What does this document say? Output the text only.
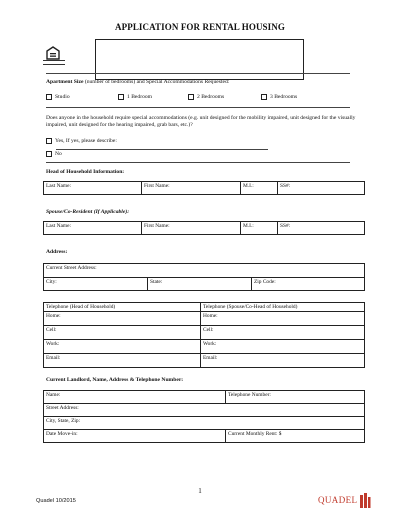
APPLICATION FOR RENTAL HOUSING
Apartment Size (number of bedrooms) and Special Accommodations Requested:
Studio	1 Bedroom	2 Bedrooms	3 Bedrooms
Does anyone in the household require special accommodations (e.g. unit designed for the mobility impaired, unit designed for the visually impaired, unit designed for the hearing impaired, grab bars, etc.)?
Yes, If yes, please describe:
No
Head of Household Information:
Last Name:	First Name:	M.I.:	SS#:
Spouse/Co-Resident (If Applicable):
Last Name:	First Name:	M.I.:	SS#:
Address:
Current Street Address:
City:	State:	Zip Code:
Telephone (Head of Household)	Telephone (Spouse/Co-Head of Household)
Home:	Home:
Cell:	Cell:
Work:	Work:
Email:	Email:
Current Landlord, Name, Address & Telephone Number:
Name:	Telephone Number:
Street Address:	
City, State, Zip:	
Date Move-in:	Current Monthly Rent: $
1
Quadel 10/2015	QUADEL
